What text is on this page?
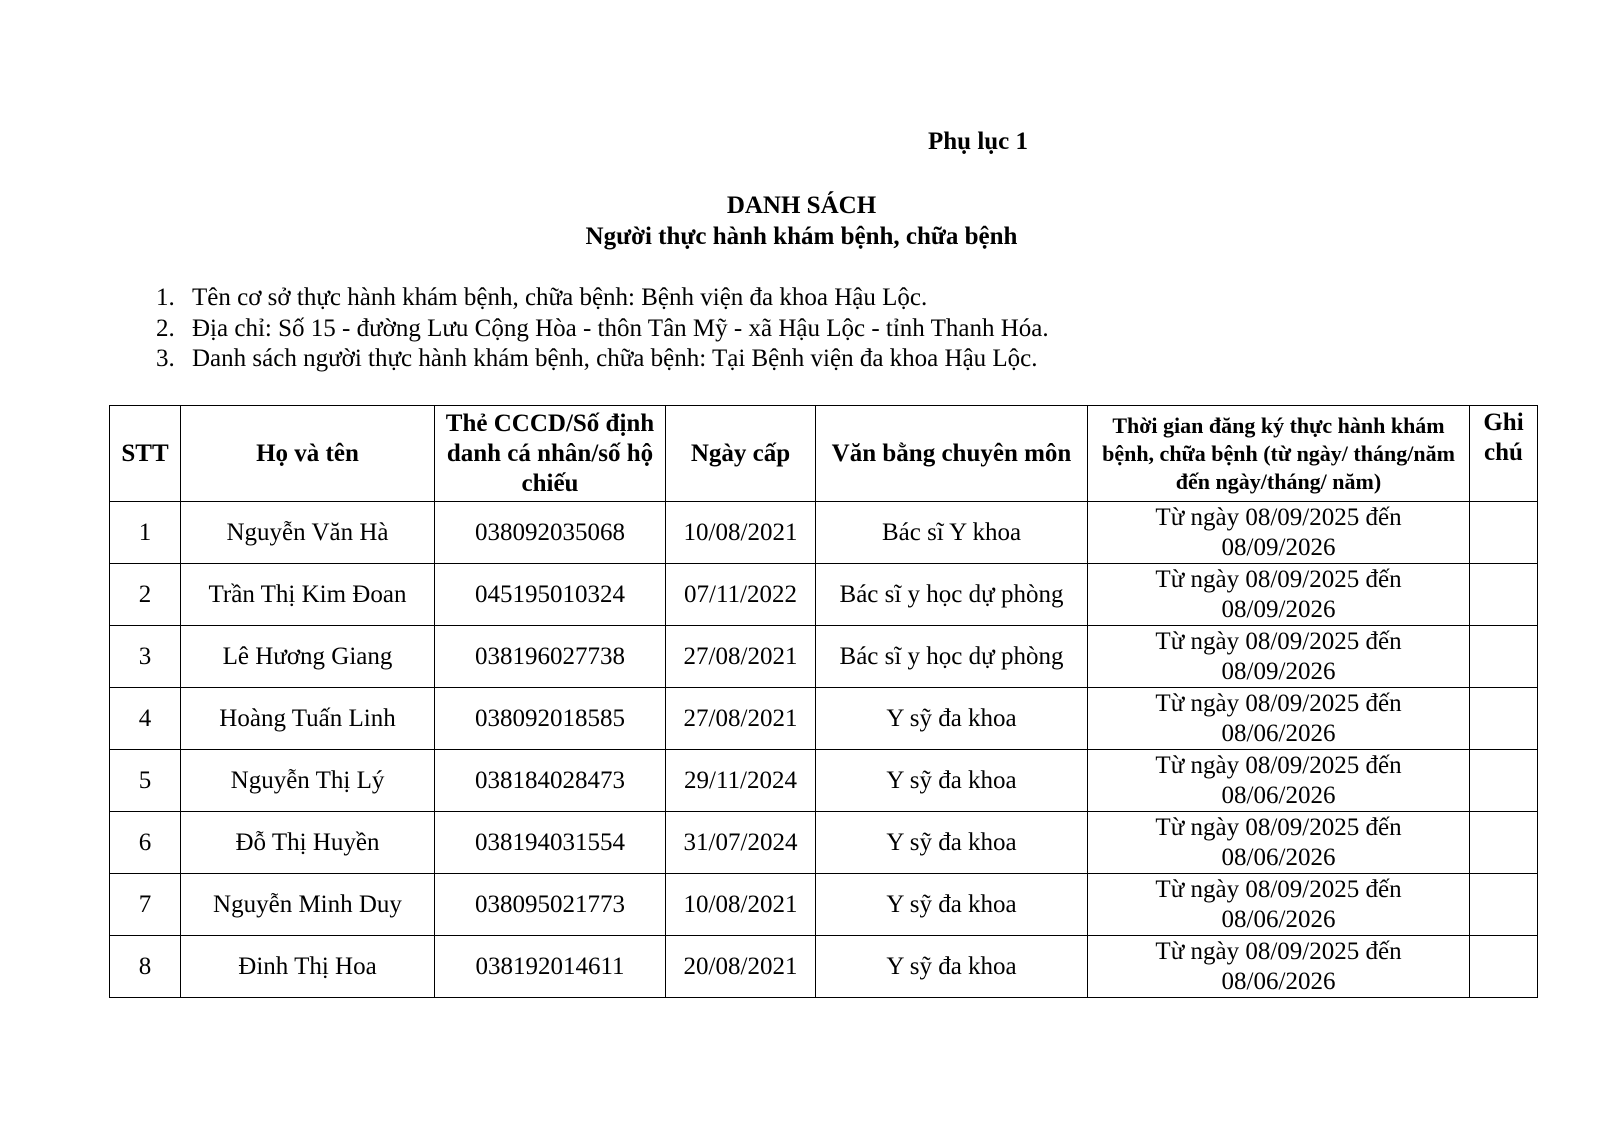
Phụ lục 1
DANH SÁCH
Người thực hành khám bệnh, chữa bệnh
1. Tên cơ sở thực hành khám bệnh, chữa bệnh: Bệnh viện đa khoa Hậu Lộc.
2. Địa chỉ: Số 15 - đường Lưu Cộng Hòa - thôn Tân Mỹ - xã Hậu Lộc - tỉnh Thanh Hóa.
3. Danh sách người thực hành khám bệnh, chữa bệnh: Tại Bệnh viện đa khoa Hậu Lộc.
STT	Họ và tên	Thẻ CCCD/Số định danh cá nhân/số hộ chiếu	Ngày cấp	Văn bằng chuyên môn	Thời gian đăng ký thực hành khám bệnh, chữa bệnh (từ ngày/ tháng/năm đến ngày/tháng/ năm)	Ghi chú
1	Nguyễn Văn Hà	038092035068	10/08/2021	Bác sĩ Y khoa	Từ ngày 08/09/2025 đến
08/09/2026	

2	Trần Thị Kim Đoan	045195010324	07/11/2022	Bác sĩ y học dự phòng	Từ ngày 08/09/2025 đến
08/09/2026	

3	Lê Hương Giang	038196027738	27/08/2021	Bác sĩ y học dự phòng	Từ ngày 08/09/2025 đến
08/09/2026	

4	Hoàng Tuấn Linh	038092018585	27/08/2021	Y sỹ đa khoa	Từ ngày 08/09/2025 đến
08/06/2026	

5	Nguyễn Thị Lý	038184028473	29/11/2024	Y sỹ đa khoa	Từ ngày 08/09/2025 đến
08/06/2026	

6	Đỗ Thị Huyền	038194031554	31/07/2024	Y sỹ đa khoa	Từ ngày 08/09/2025 đến
08/06/2026	

7	Nguyễn Minh Duy	038095021773	10/08/2021	Y sỹ đa khoa	Từ ngày 08/09/2025 đến
08/06/2026	

8	Đinh Thị Hoa	038192014611	20/08/2021	Y sỹ đa khoa	Từ ngày 08/09/2025 đến
08/06/2026	
